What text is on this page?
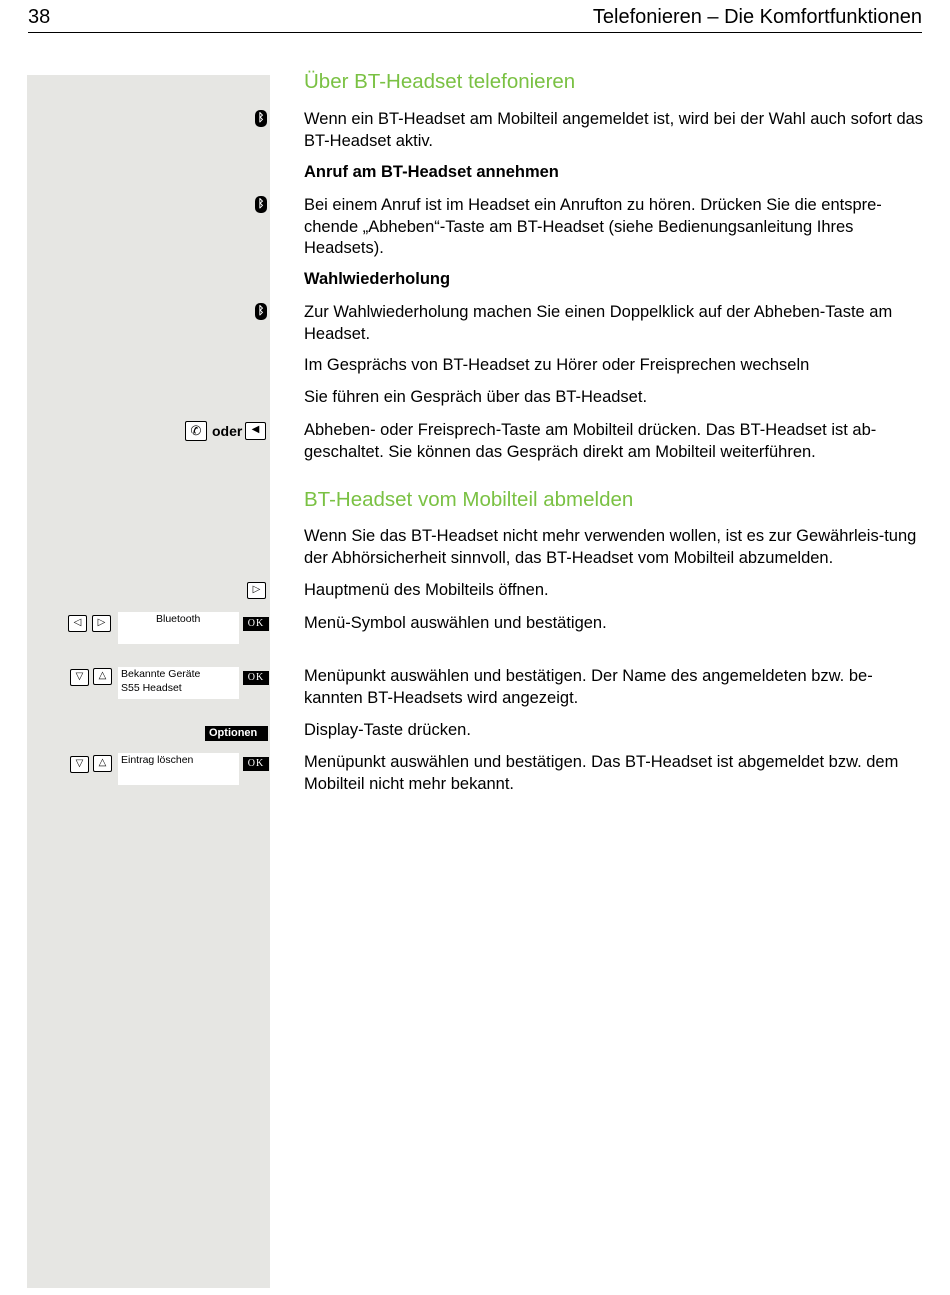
38	Telefonieren – Die Komfortfunktionen
Über BT-Headset telefonieren
ᛒ Wenn ein BT-Headset am Mobilteil angemeldet ist, wird bei der Wahl auch sofort das BT-Headset aktiv.
Anruf am BT-Headset annehmen
ᛒ Bei einem Anruf ist im Headset ein Anrufton zu hören. Drücken Sie die entspre-chende „Abheben“-Taste am BT-Headset (siehe Bedienungsanleitung Ihres Headsets).
Wahlwiederholung
ᛒ Zur Wahlwiederholung machen Sie einen Doppelklick auf der Abheben-Taste am Headset.
Im Gesprächs von BT-Headset zu Hörer oder Freisprechen wechseln
Sie führen ein Gespräch über das BT-Headset.
✆ oder ◀	Abheben- oder Freisprech-Taste am Mobilteil drücken. Das BT-Headset ist ab-geschaltet. Sie können das Gespräch direkt am Mobilteil weiterführen.
BT-Headset vom Mobilteil abmelden
Wenn Sie das BT-Headset nicht mehr verwenden wollen, ist es zur Gewährleis-tung der Abhörsicherheit sinnvoll, das BT-Headset vom Mobilteil abzumelden.
▷	Hauptmenü des Mobilteils öffnen.
◁	▷	Bluetooth	OK Menü-Symbol auswählen und bestätigen.
▽	△	Bekannte Geräte
S55 Headset
OK Menüpunkt auswählen und bestätigen. Der Name des angemeldeten bzw. be-kannten BT-Headsets wird angezeigt.
Optionen	Display-Taste drücken.
▽	△	Eintrag löschen	OK Menüpunkt auswählen und bestätigen. Das BT-Headset ist abgemeldet bzw. dem Mobilteil nicht mehr bekannt.
